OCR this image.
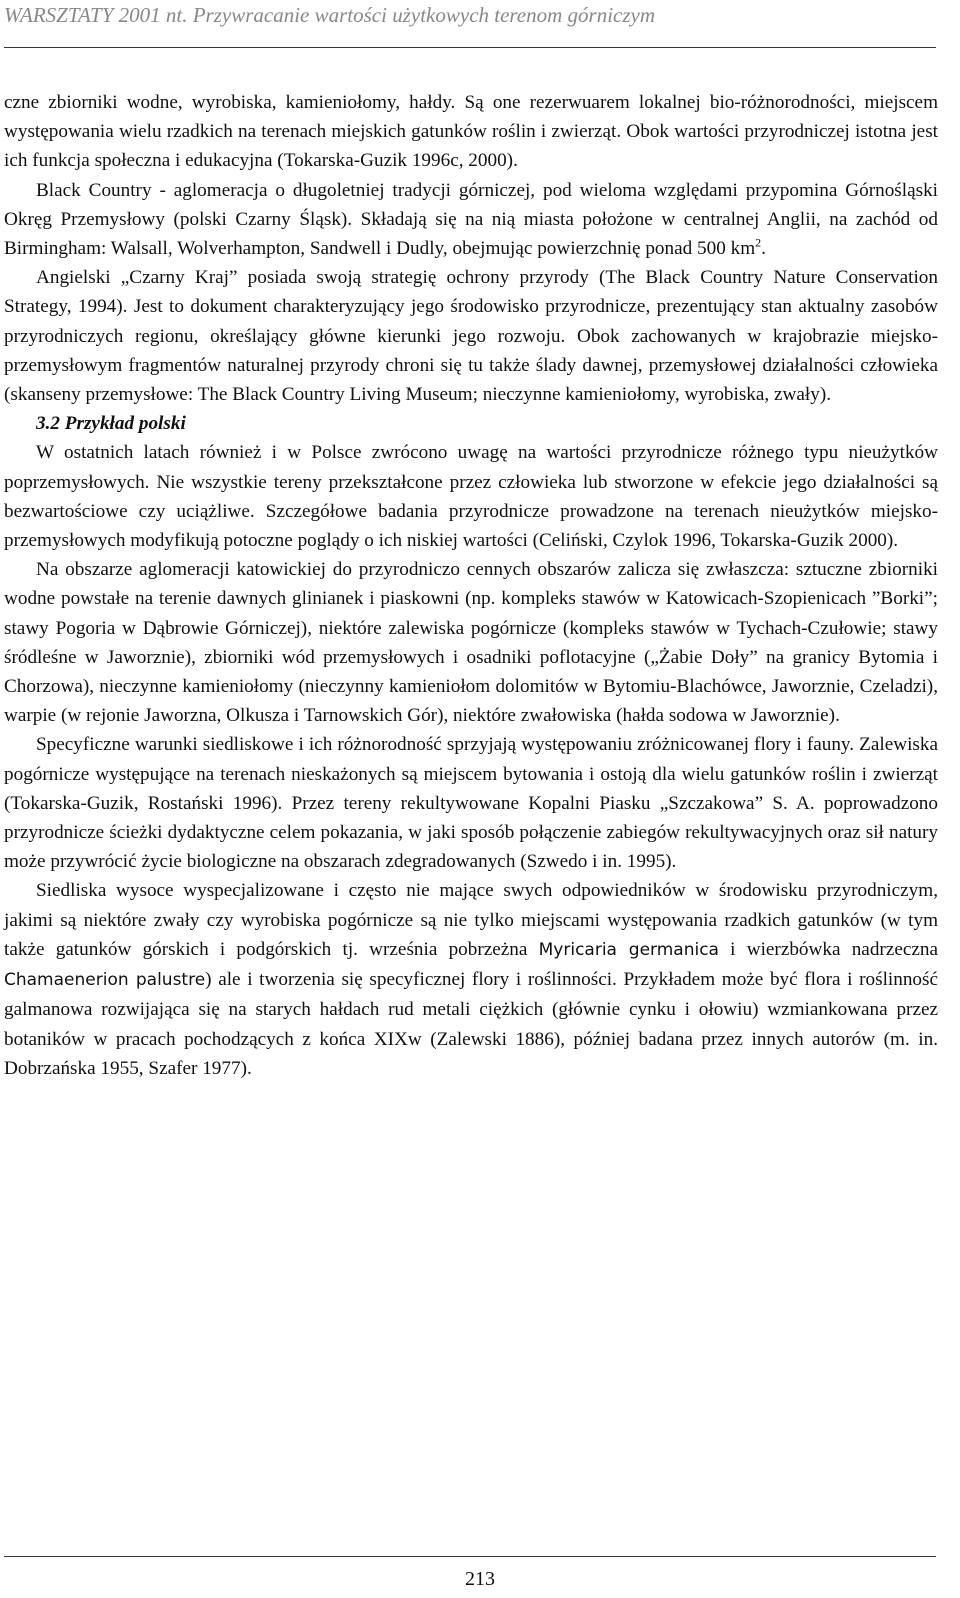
WARSZTATY 2001 nt. Przywracanie wartości użytkowych terenom górniczym

czne zbiorniki wodne, wyrobiska, kamieniołomy, hałdy. Są one rezerwuarem lokalnej bio-różnorodności, miejscem występowania wielu rzadkich na terenach miejskich gatunków roślin i zwierząt. Obok wartości przyrodniczej istotna jest ich funkcja społeczna i edukacyjna (Tokarska-Guzik 1996c, 2000).

Black Country - aglomeracja o długoletniej tradycji górniczej, pod wieloma względami przypomina Górnośląski Okręg Przemysłowy (polski Czarny Śląsk). Składają się na nią miasta położone w centralnej Anglii, na zachód od Birmingham: Walsall, Wolverhampton, Sandwell i Dudly, obejmując powierzchnię ponad 500 $km^2$.

Angielski „Czarny Kraj” posiada swoją strategię ochrony przyrody (The Black Country Nature Conservation Strategy, 1994). Jest to dokument charakteryzujący jego środowisko przyrodnicze, prezentujący stan aktualny zasobów przyrodniczych regionu, określający główne kierunki jego rozwoju. Obok zachowanych w krajobrazie miejsko-przemysłowym fragmentów naturalnej przyrody chroni się tu także ślady dawnej, przemysłowej działalności człowieka (skanseny przemysłowe: The Black Country Living Museum; nieczynne kamieniołomy, wyrobiska, zwały).

3.2 Przykład polski

W ostatnich latach również i w Polsce zwrócono uwagę na wartości przyrodnicze różnego typu nieużytków poprzemysłowych. Nie wszystkie tereny przekształcone przez człowieka lub stworzone w efekcie jego działalności są bezwartościowe czy uciążliwe. Szczegółowe badania przyrodnicze prowadzone na terenach nieużytków miejsko-przemysłowych modyfikują potoczne poglądy o ich niskiej wartości (Celiński, Czylok 1996, Tokarska-Guzik 2000).

Na obszarze aglomeracji katowickiej do przyrodniczo cennych obszarów zalicza się zwłaszcza: sztuczne zbiorniki wodne powstałe na terenie dawnych glinianek i piaskowni (np. kompleks stawów w Katowicach-Szopienicach ”Borki”; stawy Pogoria w Dąbrowie Górniczej), niektóre zalewiska pogórnicze (kompleks stawów w Tychach-Czułowie; stawy śródleśne w Jaworznie), zbiorniki wód przemysłowych i osadniki poflotacyjne („Żabie Doły” na granicy Bytomia i Chorzowa), nieczynne kamieniołomy (nieczynny kamieniołom dolomitów w Bytomiu-Blachówce, Jaworznie, Czeladzi), warpie (w rejonie Jaworzna, Olkusza i Tarnowskich Gór), niektóre zwałowiska (hałda sodowa w Jaworznie).

Specyficzne warunki siedliskowe i ich różnorodność sprzyjają występowaniu zróżnicowanej flory i fauny. Zalewiska pogórnicze występujące na terenach nieskażonych są miejscem bytowania i ostoją dla wielu gatunków roślin i zwierząt (Tokarska-Guzik, Rostański 1996). Przez tereny rekultywowane Kopalni Piasku „Szczakowa” S. A. poprowadzono przyrodnicze ścieżki dydaktyczne celem pokazania, w jaki sposób połączenie zabiegów rekultywacyjnych oraz sił natury może przywrócić życie biologiczne na obszarach zdegradowanych (Szwedo i in. 1995).

Siedliska wysoce wyspecjalizowane i często nie mające swych odpowiedników w środowisku przyrodniczym, jakimi są niektóre zwały czy wyrobiska pogórnicze są nie tylko miejscami występowania rzadkich gatunków (w tym także gatunków górskich i podgórskich tj. września pobrzeżna Myricaria germanica i wierzbówka nadrzeczna Chamaenerion palustre) ale i tworzenia się specyficznej flory i roślinności. Przykładem może być flora i roślinność galmanowa rozwijająca się na starych hałdach rud metali ciężkich (głównie cynku i ołowiu) wzmiankowana przez botaników w pracach pochodzących z końca XIXw (Zalewski 1886), później badana przez innych autorów (m. in. Dobrzańska 1955, Szafer 1977).

213
